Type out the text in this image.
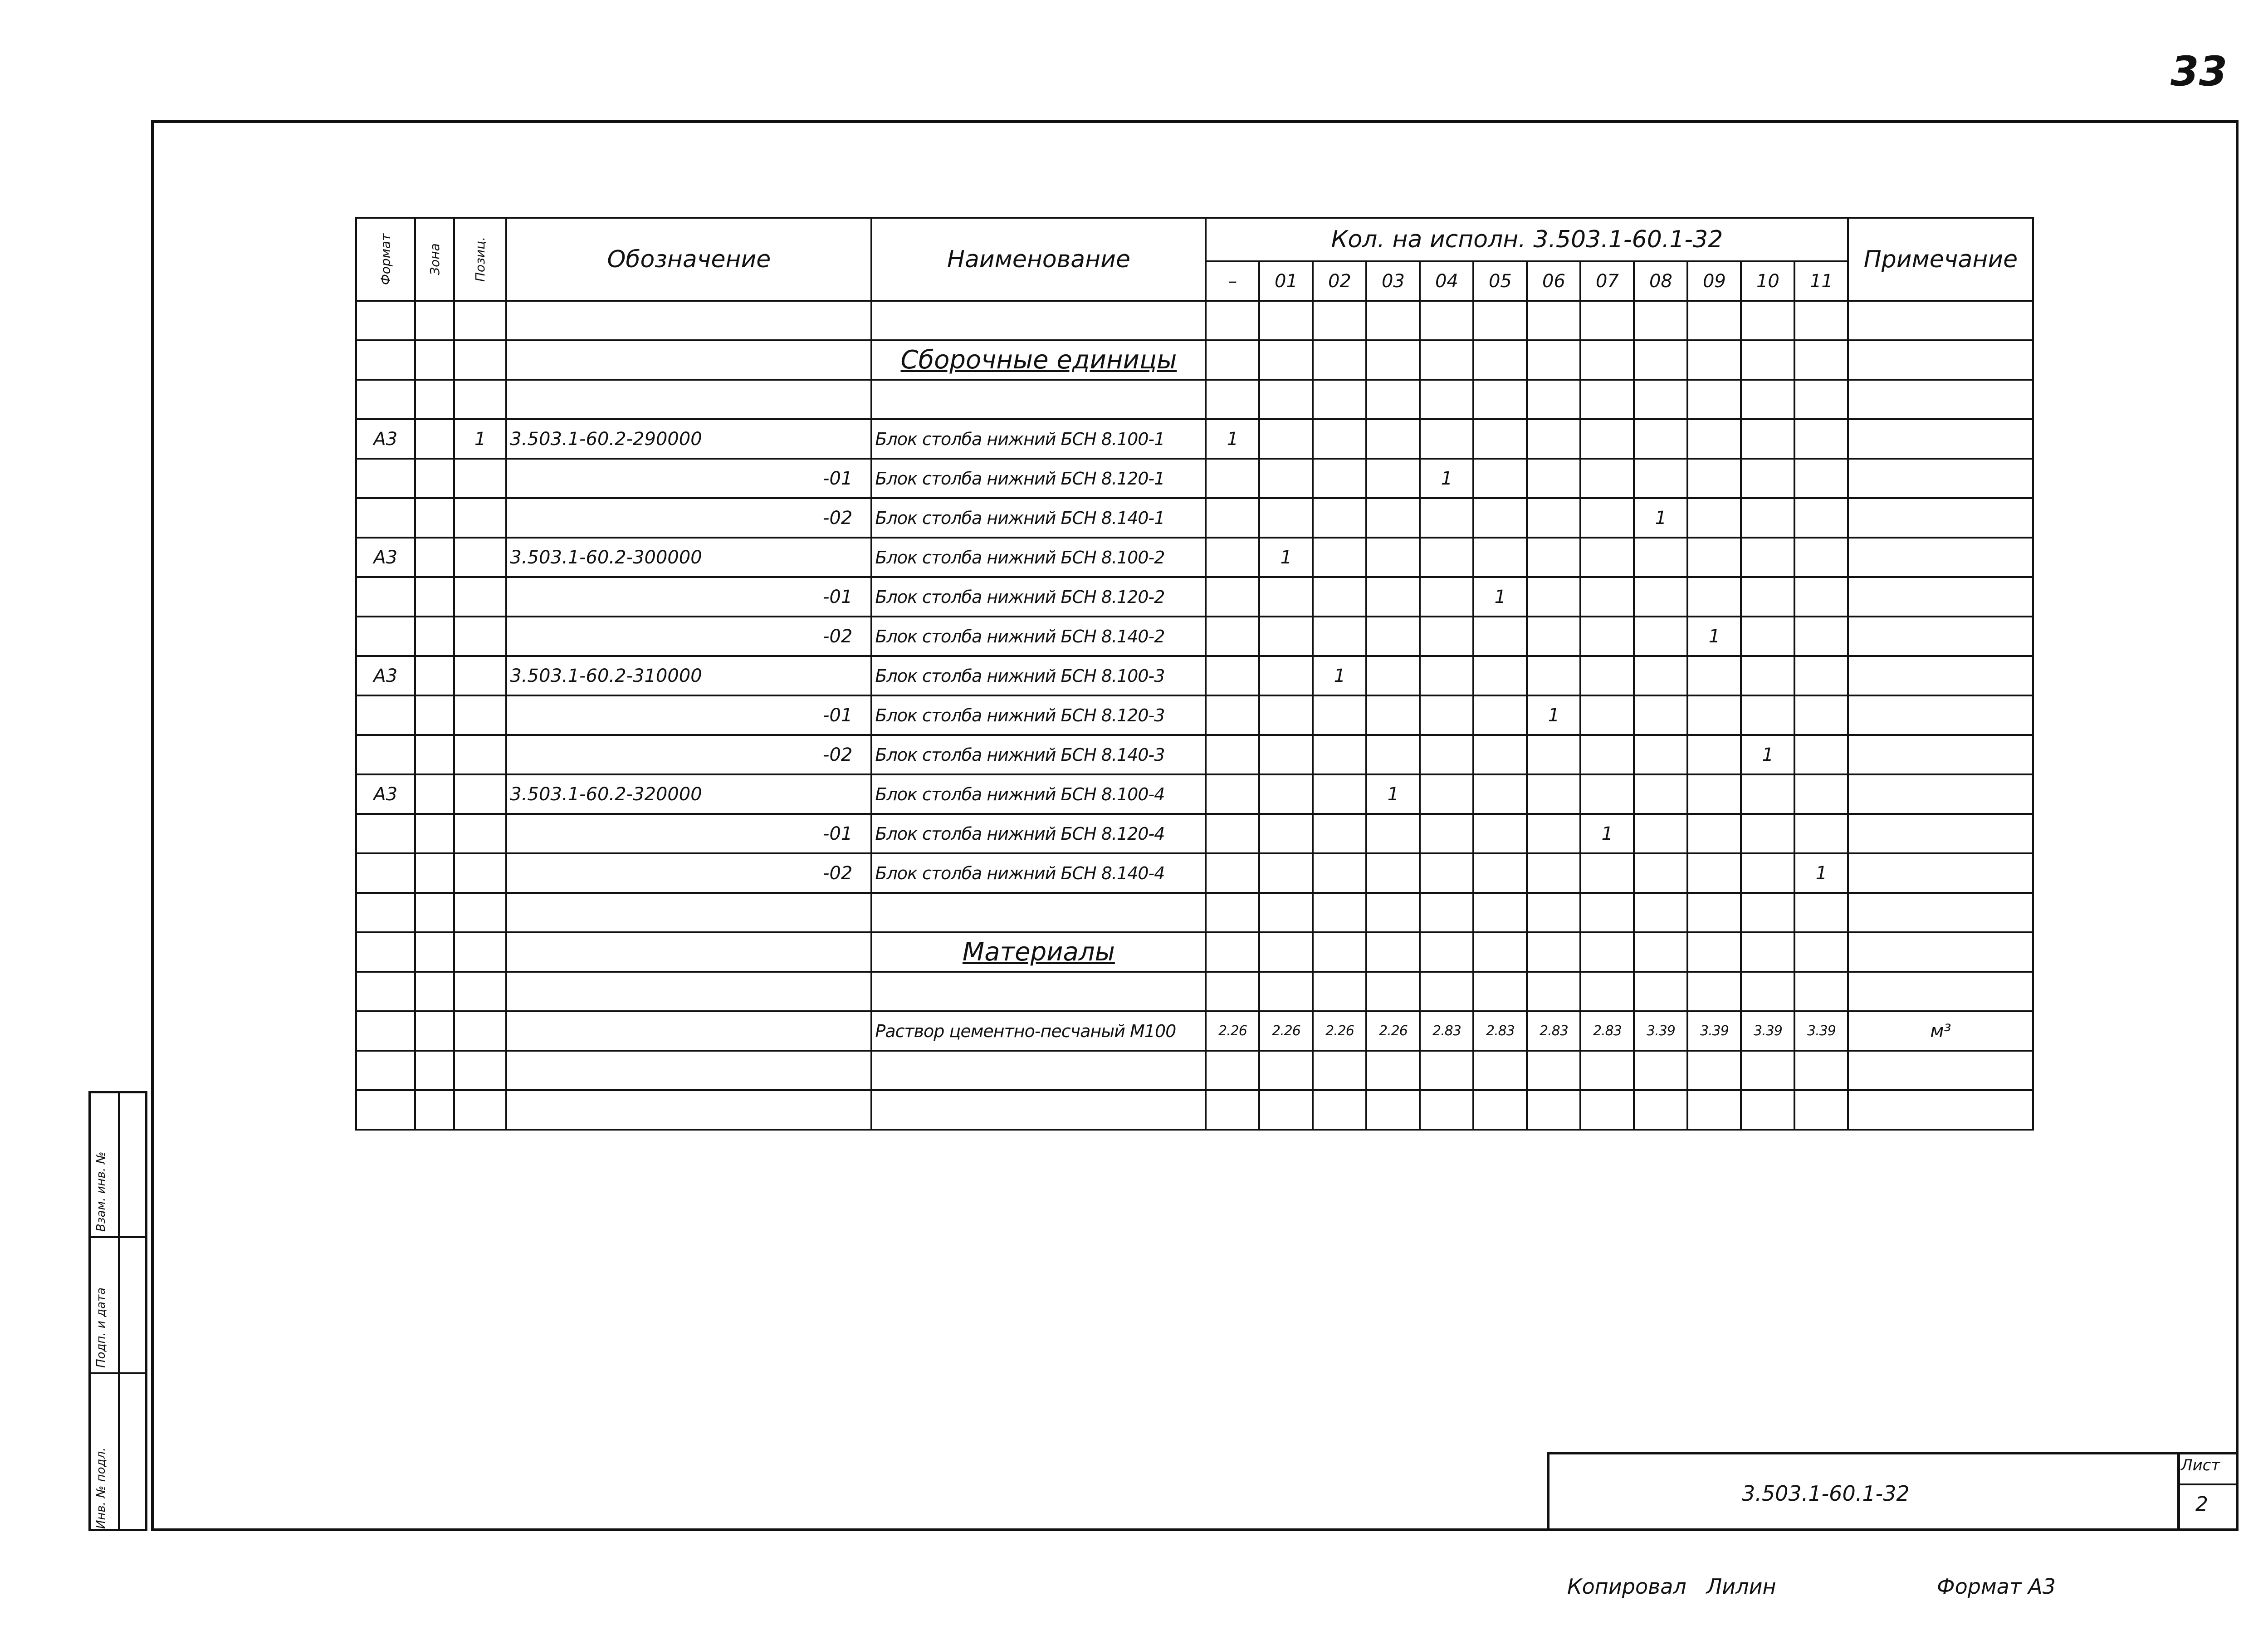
33
Формат	Зона	Позиц.	Обозначение	Наименование	Кол. на исполн. 3.503.1-60.1-32												Примечание
					–	01	02	03	04	05	06	07	08	09	10	11	

				Сборочные единицы													

А3		1	3.503.1-60.2-290000	Блок столба нижний БСН 8.100-1	1												
			-01	Блок столба нижний БСН 8.120-1					1								
			-02	Блок столба нижний БСН 8.140-1									1				
А3			3.503.1-60.2-300000	Блок столба нижний БСН 8.100-2		1											
			-01	Блок столба нижний БСН 8.120-2						1							
			-02	Блок столба нижний БСН 8.140-2										1			
А3			3.503.1-60.2-310000	Блок столба нижний БСН 8.100-3			1										
			-01	Блок столба нижний БСН 8.120-3							1						
			-02	Блок столба нижний БСН 8.140-3											1		
А3			3.503.1-60.2-320000	Блок столба нижний БСН 8.100-4				1									
			-01	Блок столба нижний БСН 8.120-4								1					
			-02	Блок столба нижний БСН 8.140-4												1	

				Материалы													

				Раствор цементно-песчаный М100	2.26	2.26	2.26	2.26	2.83	2.83	2.83	2.83	3.39	3.39	3.39	3.39	м³

Инв. № подл.
Подп. и дата
Взам. инв. №
3.503.1-60.1-32
Лист
2
Копировал Лилин	Формат А3
